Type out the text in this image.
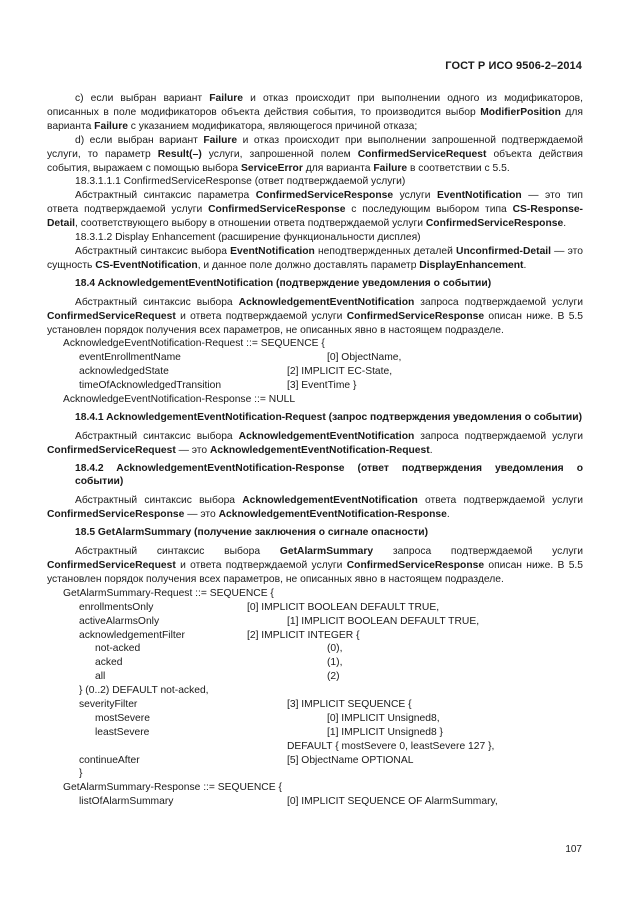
ГОСТ Р ИСО 9506-2–2014

с) если выбран вариант Failure и отказ происходит при выполнении одного из модификаторов, описанных в поле модификаторов объекта действия события, то производится выбор ModifierPosition для варианта Failure с указанием модификатора, являющегося причиной отказа;

d) если выбран вариант Failure и отказ происходит при выполнении запрошенной подтверждаемой услуги, то параметр Result(–) услуги, запрошенной полем ConfirmedServiceRequest объекта действия события, выражаем с помощью выбора ServiceError для варианта Failure в соответствии с 5.5.

18.3.1.1.1 ConfirmedServiceResponse (ответ подтверждаемой услуги)

Абстрактный синтаксис параметра ConfirmedServiceResponse услуги EventNotification — это тип ответа подтверждаемой услуги ConfirmedServiceResponse с последующим выбором типа CS-Response-Detail, соответствующего выбору в отношении ответа подтверждаемой услуги ConfirmedServiceResponse.

18.3.1.2 Display Enhancement (расширение функциональности дисплея)

Абстрактный синтаксис выбора EventNotification неподтвержденных деталей Unconfirmed-Detail — это сущность CS-EventNotification, и данное поле должно доставлять параметр DisplayEnhancement.

18.4 AcknowledgementEventNotification (подтверждение уведомления о событии)

Абстрактный синтаксис выбора AcknowledgementEventNotification запроса подтверждаемой услуги ConfirmedServiceRequest и ответа подтверждаемой услуги ConfirmedServiceResponse описан ниже. В 5.5 установлен порядок получения всех параметров, не описанных явно в настоящем подразделе.

AcknowledgeEventNotification-Request ::= SEQUENCE {
eventEnrollmentName	[0] ObjectName,
acknowledgedState	[2] IMPLICIT EC-State,
timeOfAcknowledgedTransition	[3] EventTime }
AcknowledgeEventNotification-Response ::= NULL

18.4.1 AcknowledgementEventNotification-Request (запрос подтверждения уведомления о событии)

Абстрактный синтаксис выбора AcknowledgementEventNotification запроса подтверждаемой услуги ConfirmedServiceRequest — это AcknowledgementEventNotification-Request.

18.4.2 AcknowledgementEventNotification-Response (ответ подтверждения уведомления о событии)

Абстрактный синтаксис выбора AcknowledgementEventNotification ответа подтверждаемой услуги ConfirmedServiceResponse — это AcknowledgementEventNotification-Response.

18.5 GetAlarmSummary (получение заключения о сигнале опасности)

Абстрактный синтаксис выбора GetAlarmSummary запроса подтверждаемой услуги ConfirmedServiceRequest и ответа подтверждаемой услуги ConfirmedServiceResponse описан ниже. В 5.5 установлен порядок получения всех параметров, не описанных явно в настоящем подразделе.

GetAlarmSummary-Request ::= SEQUENCE {
enrollmentsOnly	[0] IMPLICIT BOOLEAN DEFAULT TRUE,
activeAlarmsOnly	[1] IMPLICIT BOOLEAN DEFAULT TRUE,
acknowledgementFilter	[2] IMPLICIT INTEGER {
not-acked	(0),
acked	(1),
all	(2)
} (0..2) DEFAULT not-acked,
severityFilter	[3] IMPLICIT SEQUENCE {
mostSevere	[0] IMPLICIT Unsigned8,
leastSevere	[1] IMPLICIT Unsigned8 }
DEFAULT { mostSevere 0, leastSevere 127 },
continueAfter	[5] ObjectName OPTIONAL
}
GetAlarmSummary-Response ::= SEQUENCE {
listOfAlarmSummary	[0] IMPLICIT SEQUENCE OF AlarmSummary,
107
